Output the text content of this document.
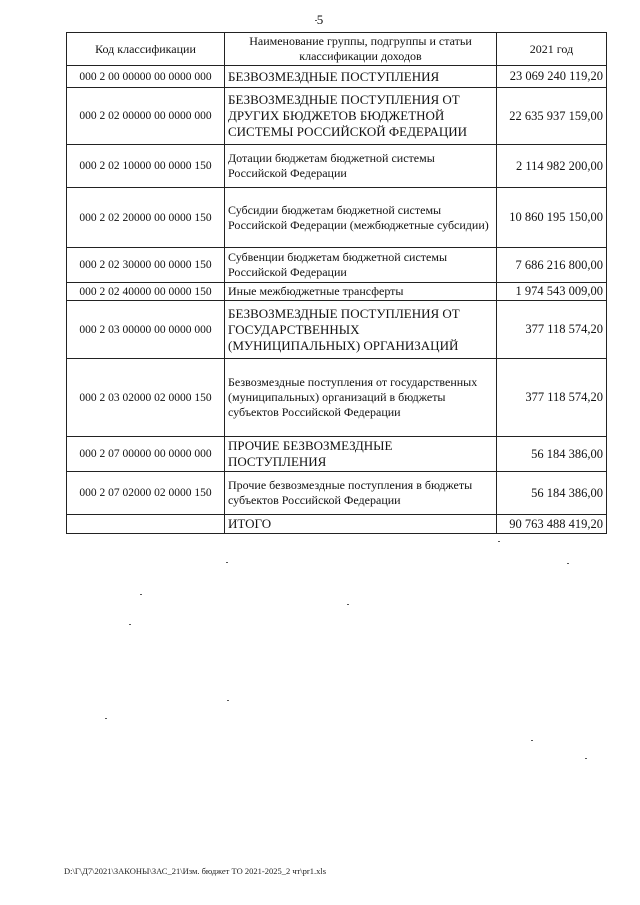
5
Код классификации	Наименование группы, подгруппы и статьи классификации доходов	2021 год
000 2 00 00000 00 0000 000	БЕЗВОЗМЕЗДНЫЕ ПОСТУПЛЕНИЯ	23 069 240 119,20
000 2 02 00000 00 0000 000	БЕЗВОЗМЕЗДНЫЕ ПОСТУПЛЕНИЯ ОТ ДРУГИХ БЮДЖЕТОВ БЮДЖЕТНОЙ СИСТЕМЫ РОССИЙСКОЙ ФЕДЕРАЦИИ	22 635 937 159,00
000 2 02 10000 00 0000 150	Дотации бюджетам бюджетной системы Российской Федерации	2 114 982 200,00
000 2 02 20000 00 0000 150	Субсидии бюджетам бюджетной системы Российской Федерации (межбюджетные субсидии)	10 860 195 150,00
000 2 02 30000 00 0000 150	Субвенции бюджетам бюджетной системы Российской Федерации	7 686 216 800,00
000 2 02 40000 00 0000 150	Иные межбюджетные трансферты	1 974 543 009,00
000 2 03 00000 00 0000 000	БЕЗВОЗМЕЗДНЫЕ ПОСТУПЛЕНИЯ ОТ ГОСУДАРСТВЕННЫХ (МУНИЦИПАЛЬНЫХ) ОРГАНИЗАЦИЙ	377 118 574,20
000 2 03 02000 02 0000 150	Безвозмездные поступления от государственных (муниципальных) организаций в бюджеты субъектов Российской Федерации	377 118 574,20
000 2 07 00000 00 0000 000	ПРОЧИЕ БЕЗВОЗМЕЗДНЫЕ ПОСТУПЛЕНИЯ	56 184 386,00
000 2 07 02000 02 0000 150	Прочие безвозмездные поступления в бюджеты субъектов Российской Федерации	56 184 386,00
	ИТОГО	90 763 488 419,20
D:\Г\Д7\2021\ЗАКОНЫ\ЗАС_21\Изм. бюджет ТО 2021-2025_2 чт\pr1.xls
